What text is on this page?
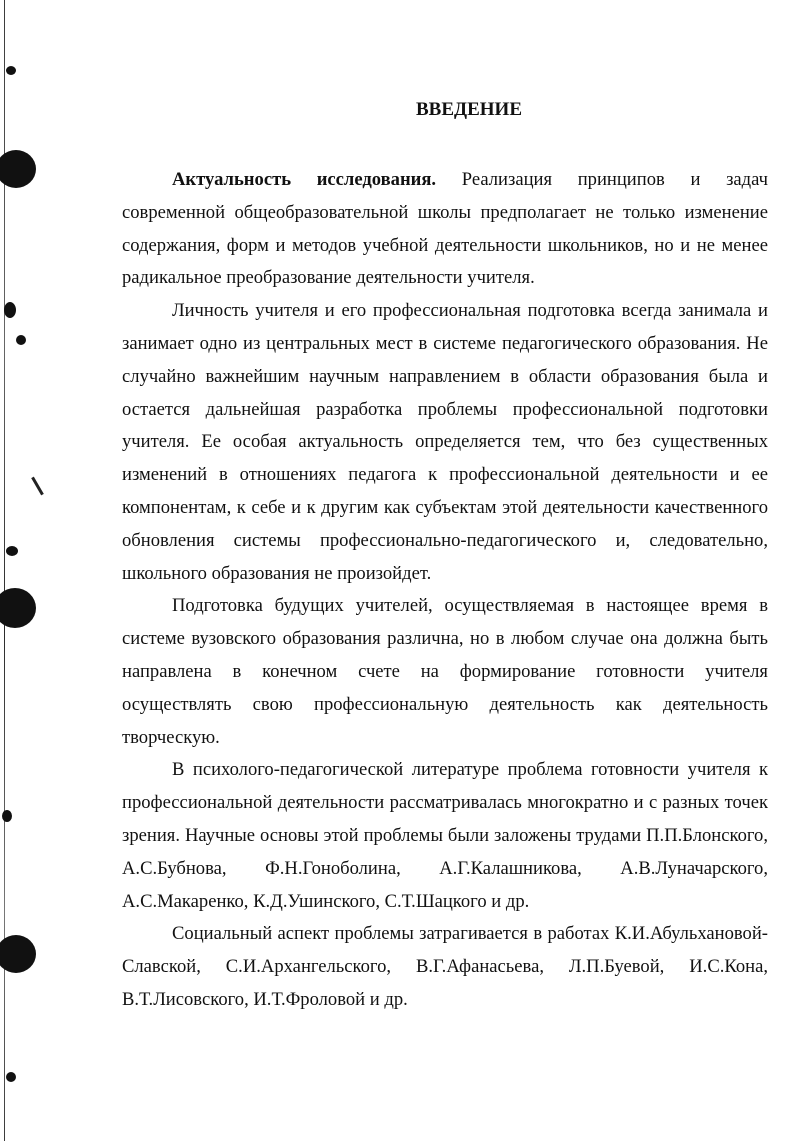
ВВЕДЕНИЕ

Актуальность исследования. Реализация принципов и задач современной общеобразовательной школы предполагает не только изменение содержания, форм и методов учебной деятельности школьников, но и не менее радикальное преобразование деятельности учителя.

Личность учителя и его профессиональная подготовка всегда занимала и занимает одно из центральных мест в системе педагогического образования. Не случайно важнейшим научным направлением в области образования была и остается дальнейшая разработка проблемы профессиональной подготовки учителя. Ее особая актуальность определяется тем, что без существенных изменений в отношениях педагога к профессиональной деятельности и ее компонентам, к себе и к другим как субъектам этой деятельности качественного обновления системы профессионально-педагогического и, следовательно, школьного образования не произойдет.

Подготовка будущих учителей, осуществляемая в настоящее время в системе вузовского образования различна, но в любом случае она должна быть направлена в конечном счете на формирование готовности учителя осуществлять свою профессиональную деятельность как деятельность творческую.

В психолого-педагогической литературе проблема готовности учителя к профессиональной деятельности рассматривалась многократно и с разных точек зрения. Научные основы этой проблемы были заложены трудами П.П.Блонского, А.С.Бубнова, Ф.Н.Гоноболина, А.Г.Калашникова, А.В.Луначарского, А.С.Макаренко, К.Д.Ушинского, С.Т.Шацкого и др.

Социальный аспект проблемы затрагивается в работах К.И.Абульхановой-Славской, С.И.Архангельского, В.Г.Афанасьева, Л.П.Буевой, И.С.Кона, В.Т.Лисовского, И.Т.Фроловой и др.
